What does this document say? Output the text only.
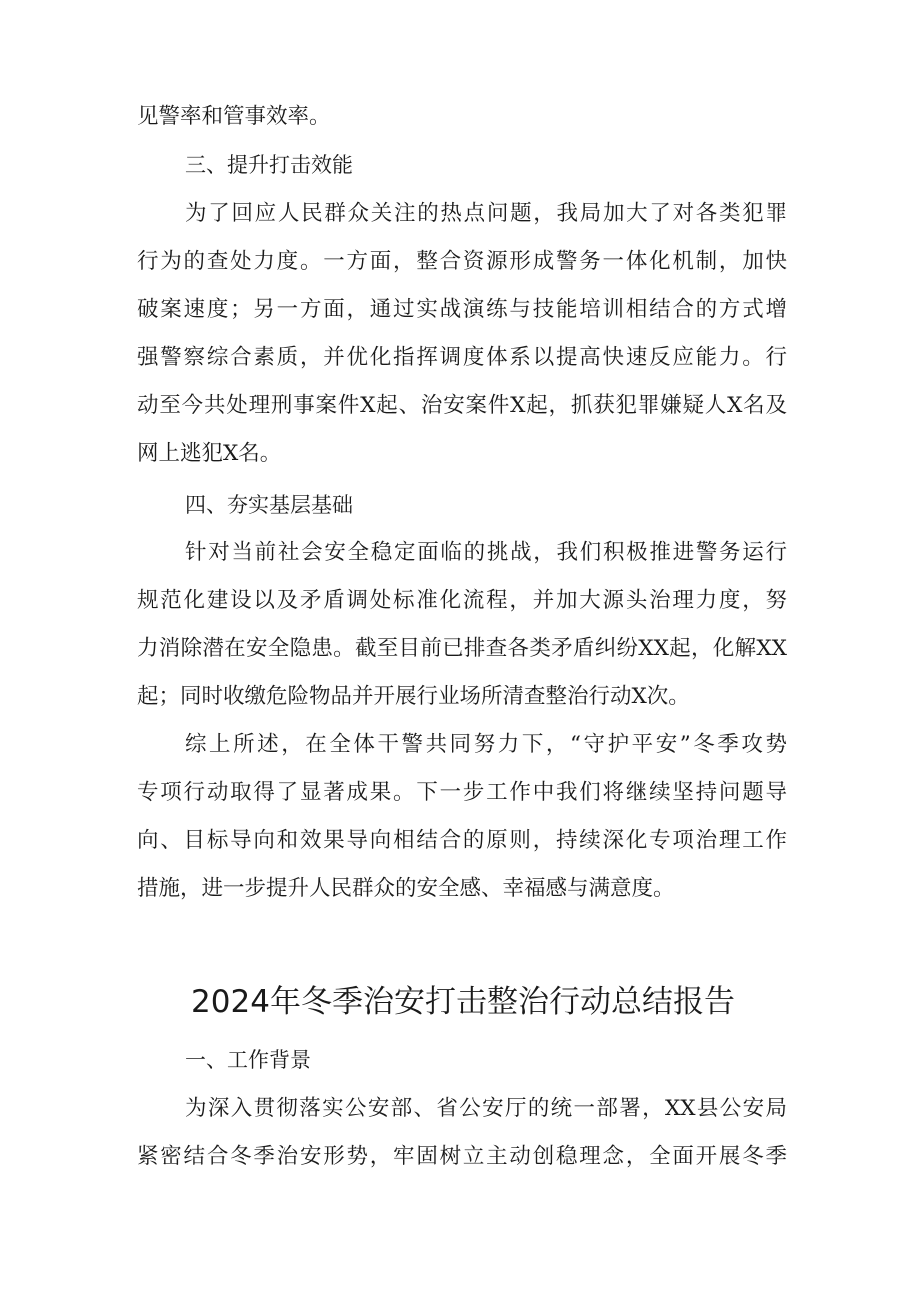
见警率和管事效率。
三、提升打击效能
为了回应人民群众关注的热点问题，我局加大了对各类犯罪
行为的查处力度。一方面，整合资源形成警务一体化机制，加快
破案速度；另一方面，通过实战演练与技能培训相结合的方式增
强警察综合素质，并优化指挥调度体系以提高快速反应能力。行
动至今共处理刑事案件X起、治安案件X起，抓获犯罪嫌疑人X名及
网上逃犯X名。
四、夯实基层基础
针对当前社会安全稳定面临的挑战，我们积极推进警务运行
规范化建设以及矛盾调处标准化流程，并加大源头治理力度，努
力消除潜在安全隐患。截至目前已排查各类矛盾纠纷XX起，化解XX
起；同时收缴危险物品并开展行业场所清查整治行动X次。
综上所述，在全体干警共同努力下，“守护平安”冬季攻势
专项行动取得了显著成果。下一步工作中我们将继续坚持问题导
向、目标导向和效果导向相结合的原则，持续深化专项治理工作
措施，进一步提升人民群众的安全感、幸福感与满意度。
2024年冬季治安打击整治行动总结报告
一、工作背景
为深入贯彻落实公安部、省公安厅的统一部署，XX县公安局
紧密结合冬季治安形势，牢固树立主动创稳理念，全面开展冬季
